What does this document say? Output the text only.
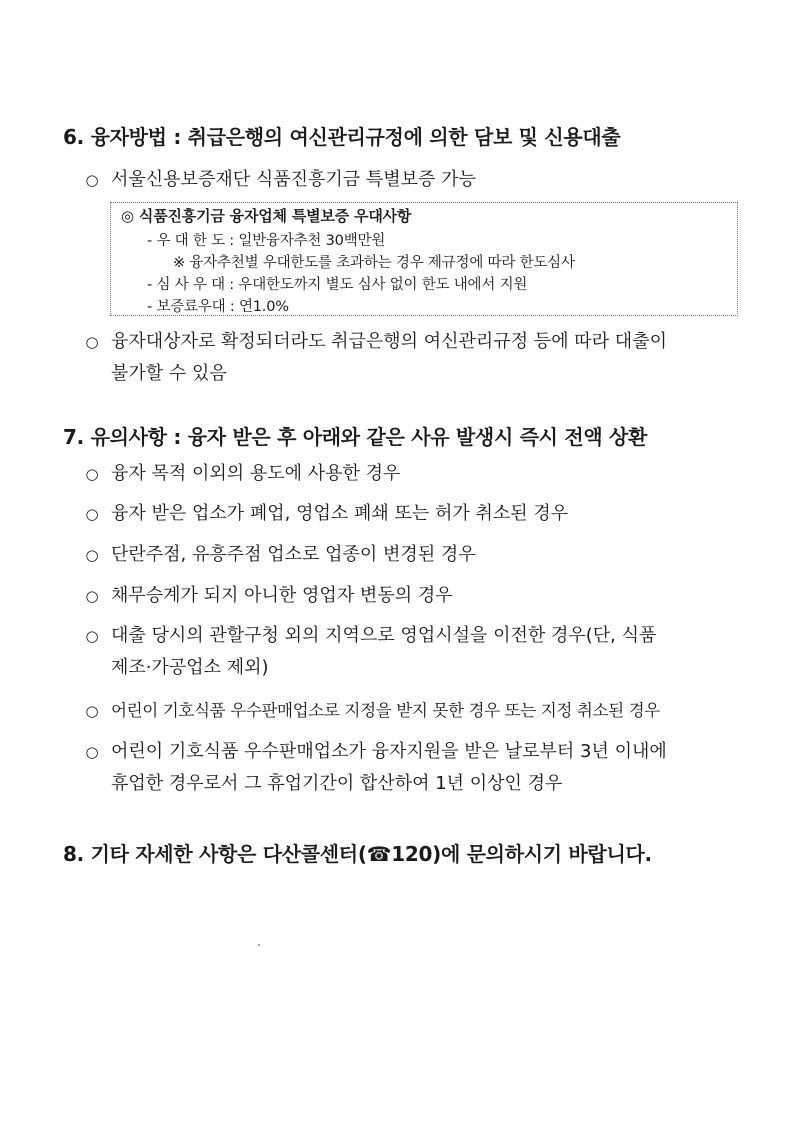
6. 융자방법 : 취급은행의 여신관리규정에 의한 담보 및 신용대출
○ 서울신용보증재단 식품진흥기금 특별보증 가능
◎ 식품진흥기금 융자업체 특별보증 우대사항
- 우 대 한 도 : 일반융자추천 30백만원
※ 융자추천별 우대한도를 초과하는 경우 제규정에 따라 한도심사
- 심 사 우 대 : 우대한도까지 별도 심사 없이 한도 내에서 지원
- 보증료우대 : 연1.0%
○ 융자대상자로 확정되더라도 취급은행의 여신관리규정 등에 따라 대출이
불가할 수 있음
7. 유의사항 : 융자 받은 후 아래와 같은 사유 발생시 즉시 전액 상환
○ 융자 목적 이외의 용도에 사용한 경우
○ 융자 받은 업소가 폐업, 영업소 폐쇄 또는 허가 취소된 경우
○ 단란주점, 유흥주점 업소로 업종이 변경된 경우
○ 채무승계가 되지 아니한 영업자 변동의 경우
○ 대출 당시의 관할구청 외의 지역으로 영업시설을 이전한 경우(단, 식품
제조·가공업소 제외)
○ 어린이 기호식품 우수판매업소로 지정을 받지 못한 경우 또는 지정 취소된 경우
○ 어린이 기호식품 우수판매업소가 융자지원을 받은 날로부터 3년 이내에
휴업한 경우로서 그 휴업기간이 합산하여 1년 이상인 경우
8. 기타 자세한 사항은 다산콜센터(☎120)에 문의하시기 바랍니다.
